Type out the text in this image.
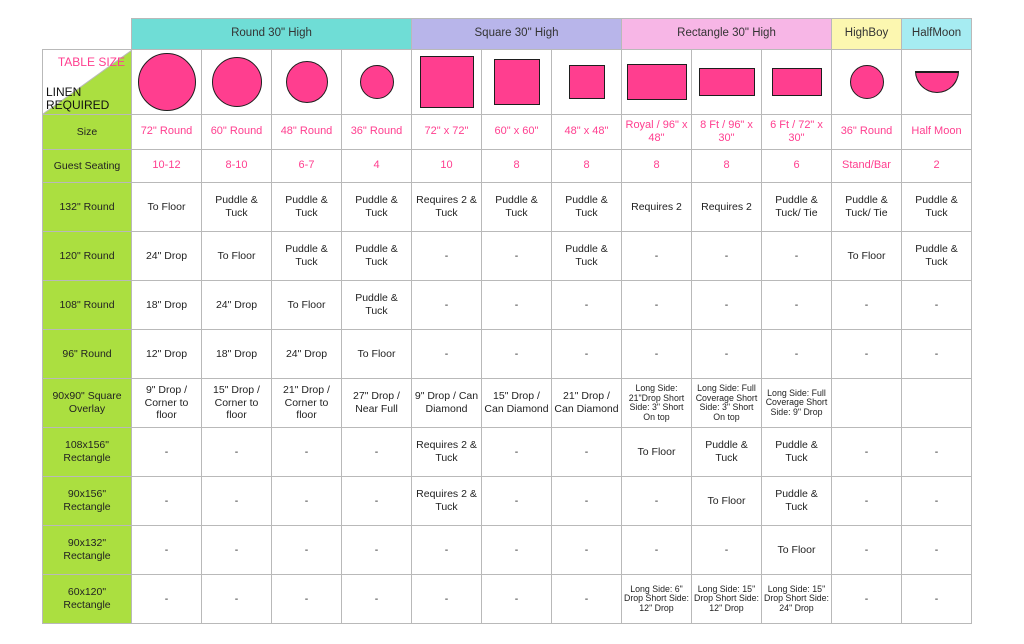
	Round 30" High				Square 30" High			Rectangle 30" High			HighBoy	HalfMoon

TABLE SIZE
LINEN REQUIRED												

Size	72" Round	60" Round	48" Round	36" Round	72" x 72"	60" x 60"	48" x 48"	Royal / 96" x 48"	8 Ft / 96" x 30"	6 Ft / 72" x 30"	36" Round	Half Moon
Guest Seating	10-12	8-10	6-7	4	10	8	8	8	8	6	Stand/Bar	2
132" Round	To Floor	Puddle & Tuck	Puddle & Tuck	Puddle & Tuck	Requires 2 & Tuck	Puddle & Tuck	Puddle & Tuck	Requires 2	Requires 2	Puddle & Tuck/ Tie	Puddle & Tuck/ Tie	Puddle & Tuck
120" Round	24" Drop	To Floor	Puddle & Tuck	Puddle & Tuck	-	-	Puddle & Tuck	-	-	-	To Floor	Puddle & Tuck
108" Round	18" Drop	24" Drop	To Floor	Puddle & Tuck	-	-	-	-	-	-	-	-
96" Round	12" Drop	18" Drop	24" Drop	To Floor	-	-	-	-	-	-	-	-
90x90" Square Overlay	9" Drop / Corner to floor	15" Drop / Corner to floor	21" Drop / Corner to floor	27" Drop / Near Full	9" Drop / Can Diamond	15" Drop / Can Diamond	21" Drop / Can Diamond	Long Side: 21"Drop Short Side: 3" Short On top	Long Side: Full Coverage Short Side: 3" Short On top	Long Side: Full Coverage Short Side: 9" Drop		
108x156" Rectangle	-	-	-	-	Requires 2 & Tuck	-	-	To Floor	Puddle & Tuck	Puddle & Tuck	-	-
90x156" Rectangle	-	-	-	-	Requires 2 & Tuck	-	-	-	To Floor	Puddle & Tuck	-	-
90x132" Rectangle	-	-	-	-	-	-	-	-	-	To Floor	-	-
60x120" Rectangle	-	-	-	-	-	-	-	Long Side: 6" Drop Short Side: 12" Drop	Long Side: 15" Drop Short Side: 12" Drop	Long Side: 15" Drop Short Side: 24" Drop	-	-
